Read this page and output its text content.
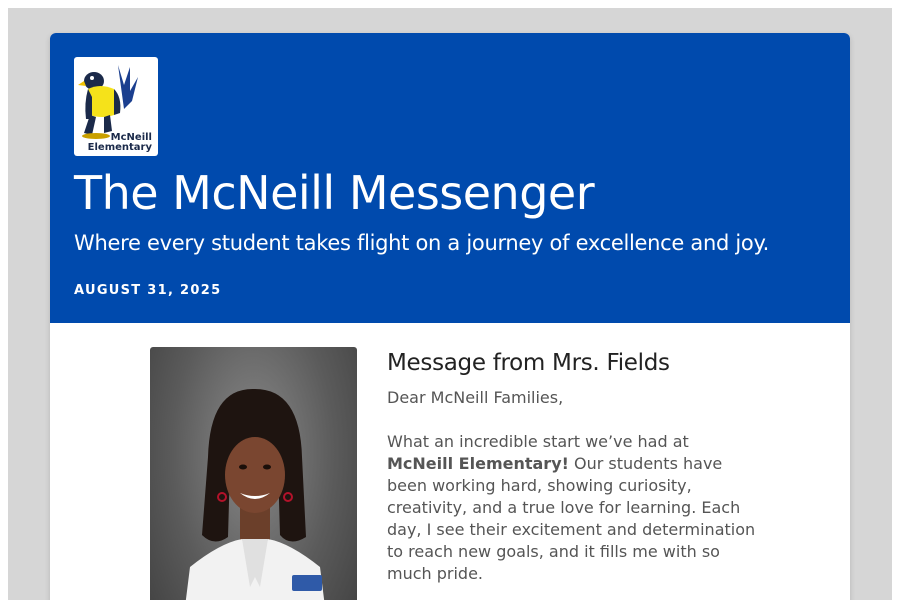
McNeill
Elementary
The McNeill Messenger
Where every student takes flight on a journey of excellence and joy.
AUGUST 31, 2025
Message from Mrs. Fields
Dear McNeill Families,
What an incredible start we’ve had at McNeill Elementary! Our students have been working hard, showing curiosity, creativity, and a true love for learning. Each day, I see their excitement and determination to reach new goals, and it fills me with so much pride.
